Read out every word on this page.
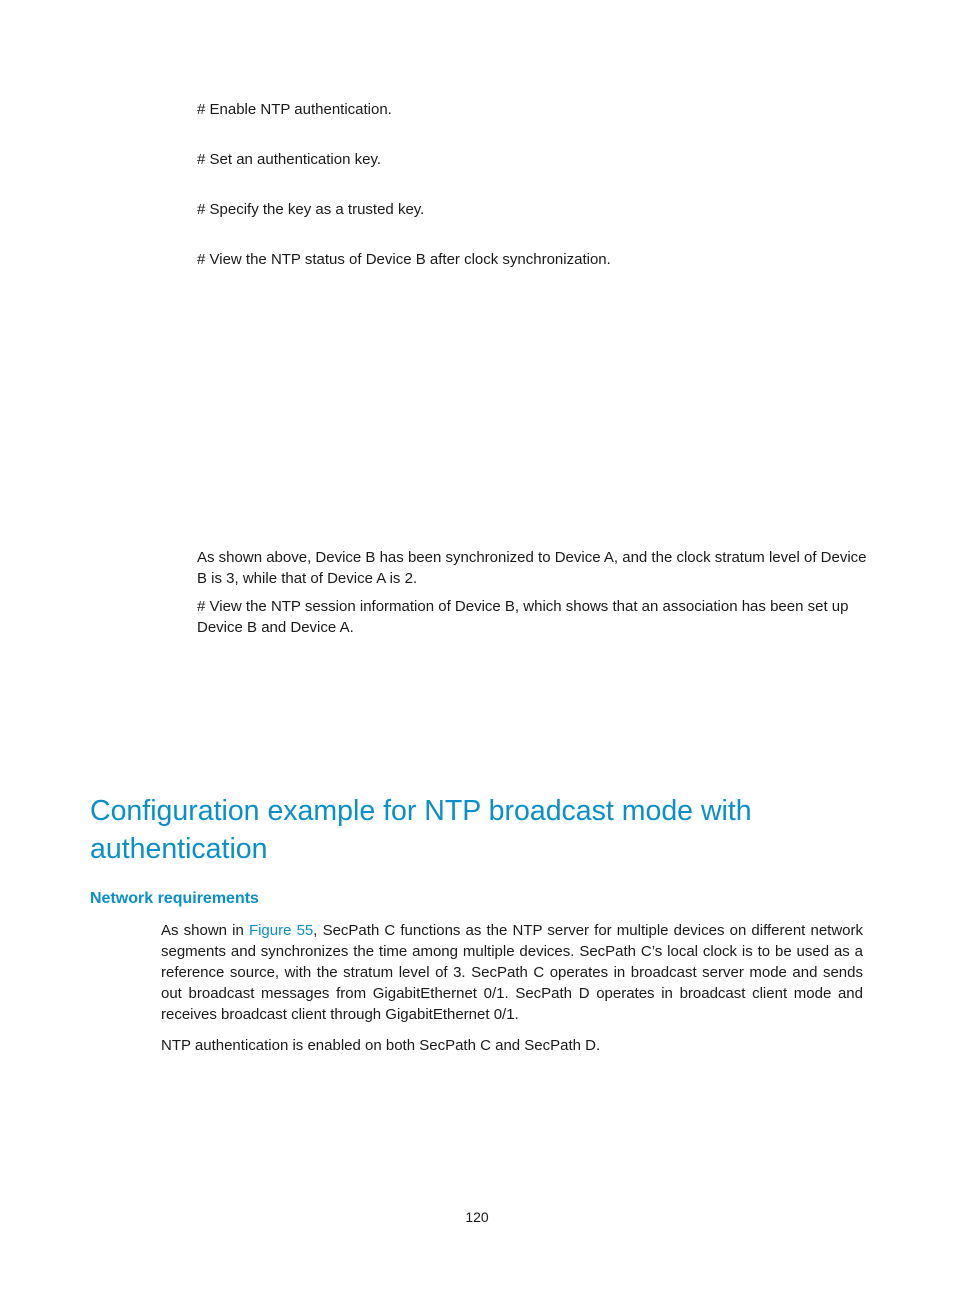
# Enable NTP authentication.
# Set an authentication key.
# Specify the key as a trusted key.
# View the NTP status of Device B after clock synchronization.

As shown above, Device B has been synchronized to Device A, and the clock stratum level of Device B is 3, while that of Device A is 2.

# View the NTP session information of Device B, which shows that an association has been set up Device B and Device A.

Configuration example for NTP broadcast mode with authentication
Network requirements

As shown in Figure 55, SecPath C functions as the NTP server for multiple devices on different network segments and synchronizes the time among multiple devices. SecPath C’s local clock is to be used as a reference source, with the stratum level of 3. SecPath C operates in broadcast server mode and sends out broadcast messages from GigabitEthernet 0/1. SecPath D operates in broadcast client mode and receives broadcast client through GigabitEthernet 0/1.

NTP authentication is enabled on both SecPath C and SecPath D.

120
